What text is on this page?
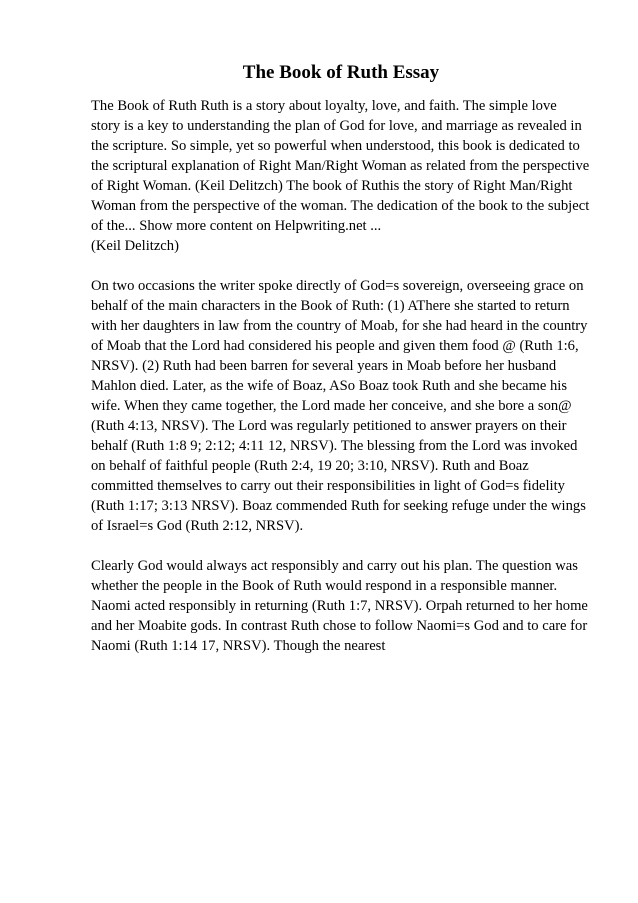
The Book of Ruth Essay
The Book of Ruth Ruth is a story about loyalty, love, and faith. The simple love
story is a key to understanding the plan of God for love, and marriage as revealed in
the scripture. So simple, yet so powerful when understood, this book is dedicated to
the scriptural explanation of Right Man/Right Woman as related from the perspective
of Right Woman. (Keil Delitzch) The book of Ruthis the story of Right Man/Right
Woman from the perspective of the woman. The dedication of the book to the subject
of the... Show more content on Helpwriting.net ...
(Keil Delitzch)
On two occasions the writer spoke directly of God=s sovereign, overseeing grace on
behalf of the main characters in the Book of Ruth: (1) AThere she started to return
with her daughters in law from the country of Moab, for she had heard in the country
of Moab that the Lord had considered his people and given them food @ (Ruth 1:6,
NRSV). (2) Ruth had been barren for several years in Moab before her husband
Mahlon died. Later, as the wife of Boaz, ASo Boaz took Ruth and she became his
wife. When they came together, the Lord made her conceive, and she bore a son@
(Ruth 4:13, NRSV). The Lord was regularly petitioned to answer prayers on their
behalf (Ruth 1:8 9; 2:12; 4:11 12, NRSV). The blessing from the Lord was invoked
on behalf of faithful people (Ruth 2:4, 19 20; 3:10, NRSV). Ruth and Boaz
committed themselves to carry out their responsibilities in light of God=s fidelity
(Ruth 1:17; 3:13 NRSV). Boaz commended Ruth for seeking refuge under the wings
of Israel=s God (Ruth 2:12, NRSV).
Clearly God would always act responsibly and carry out his plan. The question was
whether the people in the Book of Ruth would respond in a responsible manner.
Naomi acted responsibly in returning (Ruth 1:7, NRSV). Orpah returned to her home
and her Moabite gods. In contrast Ruth chose to follow Naomi=s God and to care for
Naomi (Ruth 1:14 17, NRSV). Though the nearest
